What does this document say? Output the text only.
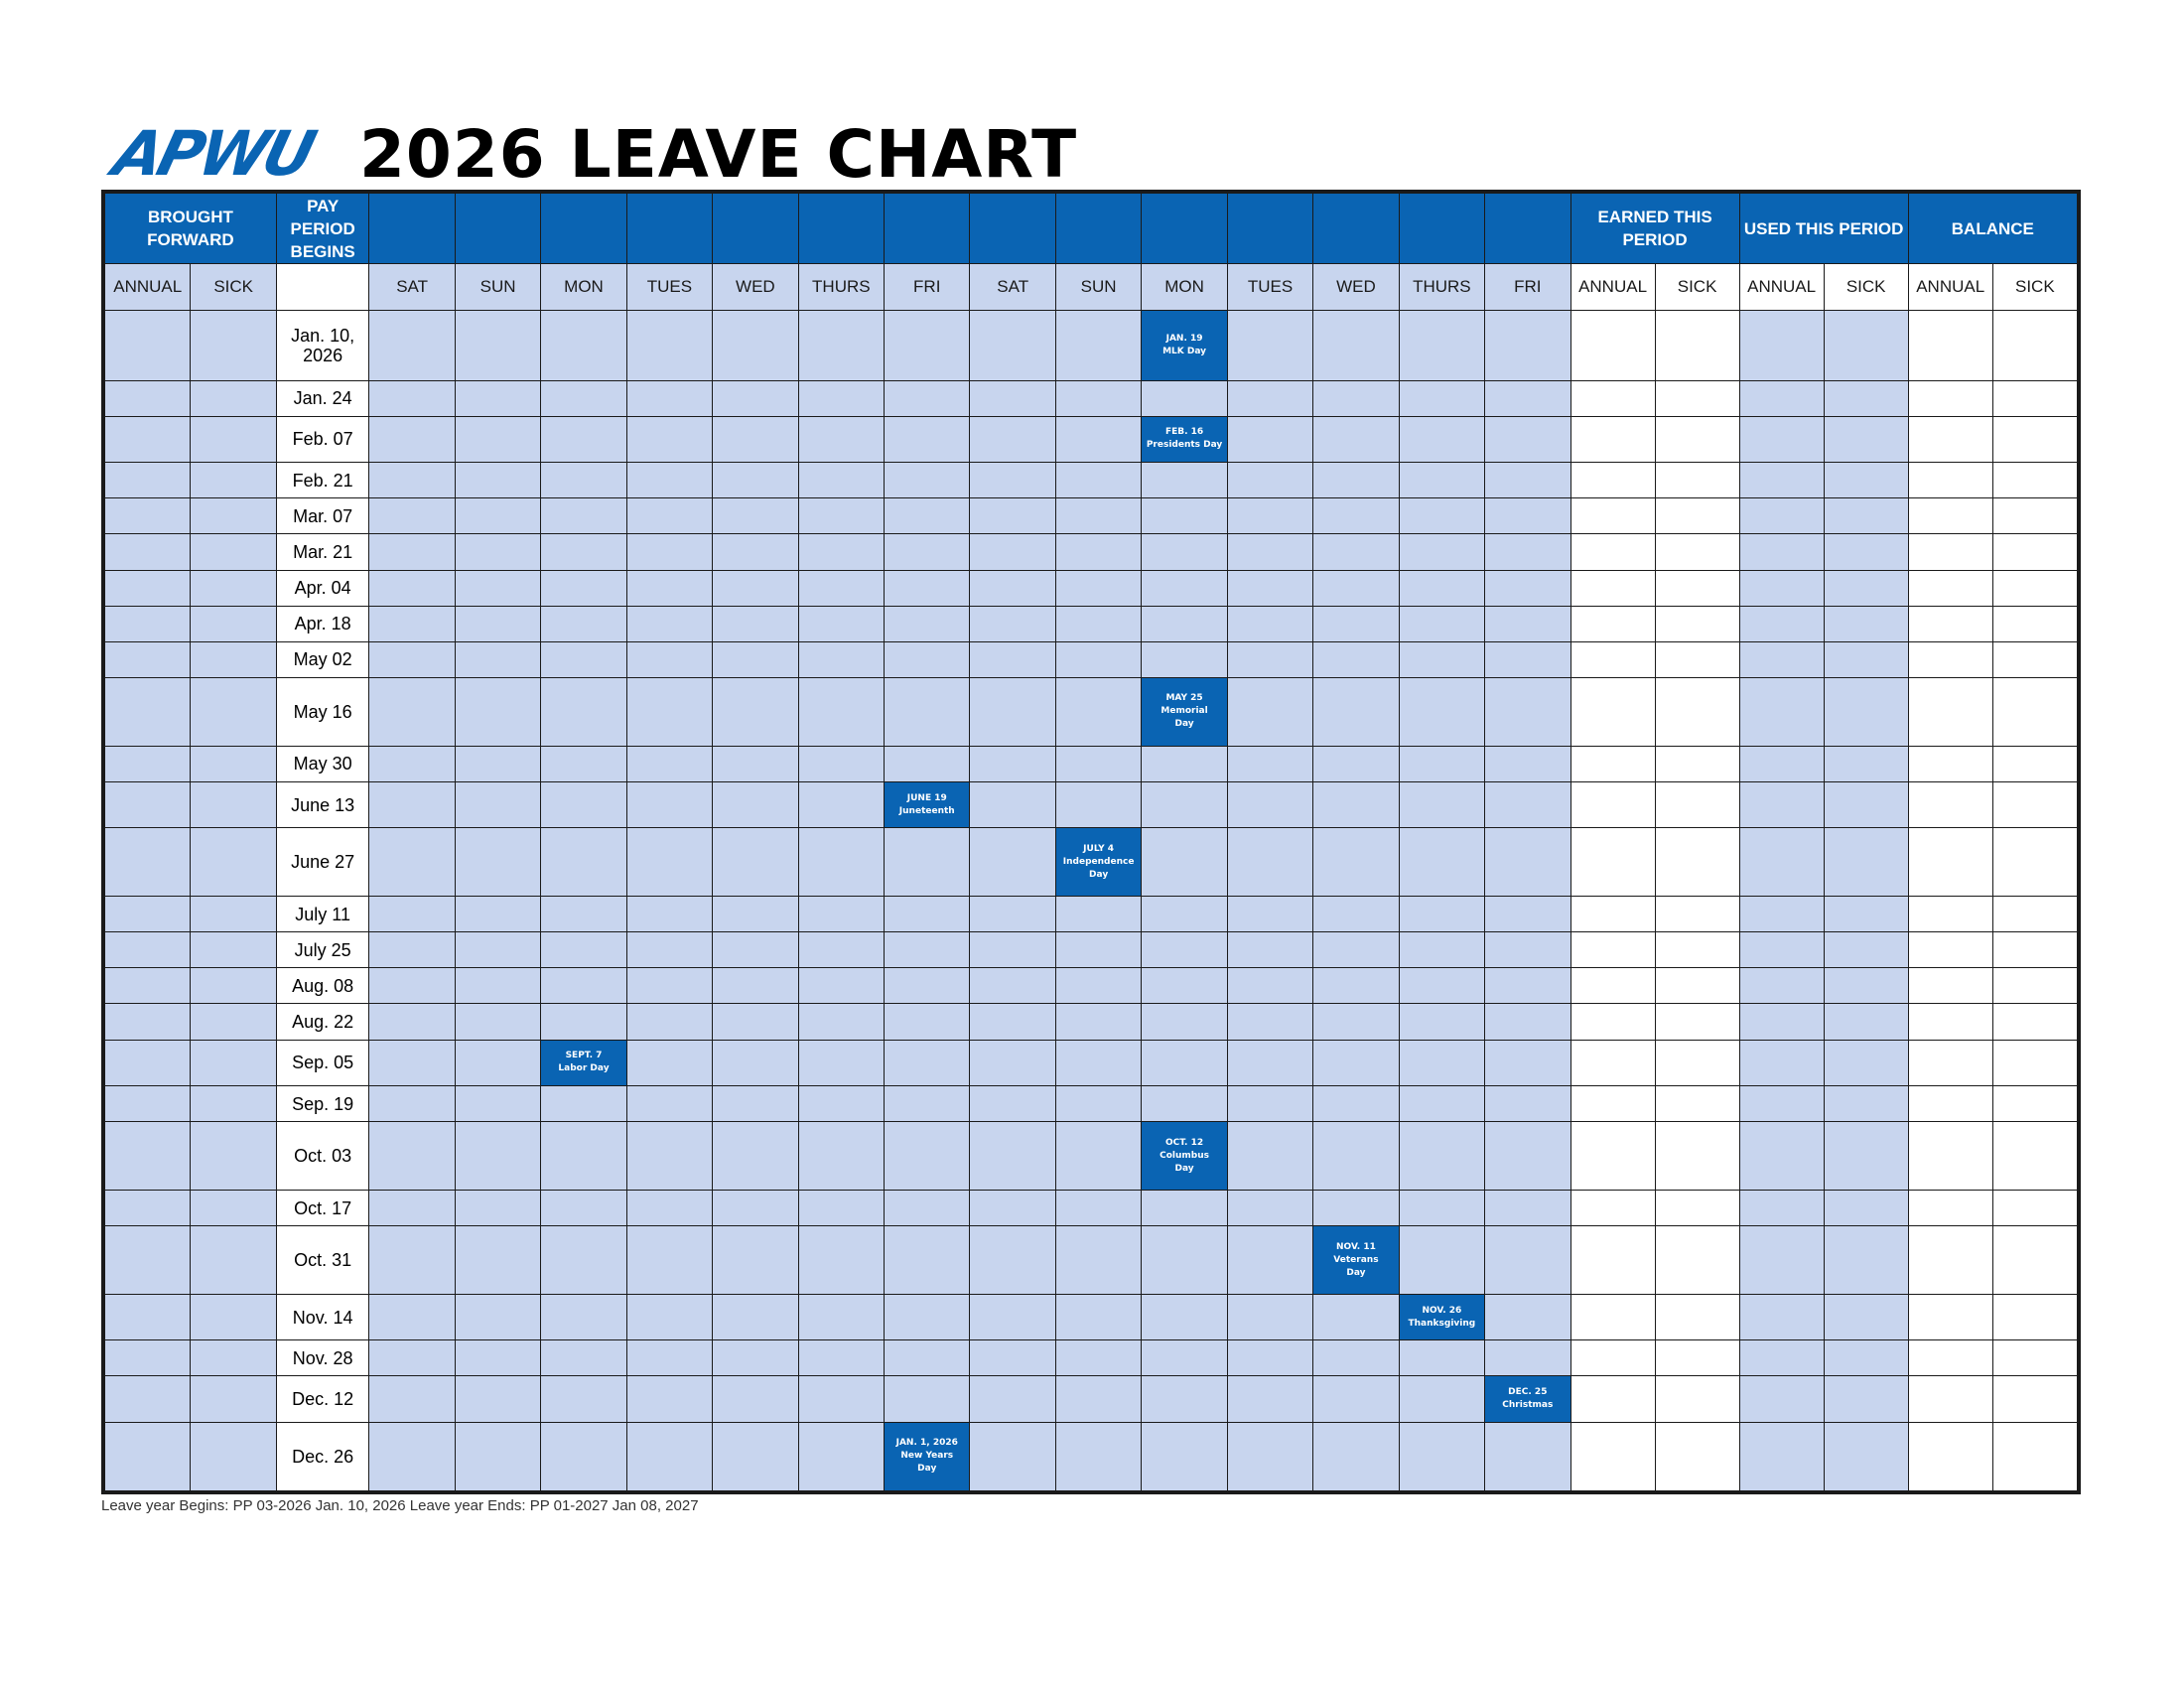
APWU 2026 LEAVE CHART
BROUGHT FORWARD		PAY PERIOD BEGINS															EARNED THIS PERIOD		USED THIS PERIOD		BALANCE	
ANNUAL	SICK		SAT	SUN	MON	TUES	WED	THURS	FRI	SAT	SUN	MON	TUES	WED	THURS	FRI	ANNUAL	SICK	ANNUAL	SICK	ANNUAL	SICK
		Jan. 10, 2026										JAN. 19
MLK Day										

		Jan. 24																				
		Feb. 07										FEB. 16
Presidents Day										

		Feb. 21																				
		Mar. 07																				
		Mar. 21																				
		Apr. 04																				
		Apr. 18																				
		May 02																				
		May 16										MAY 25
Memorial
Day										

		May 30																				
		June 13							JUNE 19
Juneteenth													

		June 27									JULY 4
Independence
Day											

		July 11																				
		July 25																				
		Aug. 08																				
		Aug. 22																				
		Sep. 05			SEPT. 7
Labor Day																	

		Sep. 19																				
		Oct. 03										OCT. 12
Columbus
Day										

		Oct. 17																				
		Oct. 31												NOV. 11
Veterans
Day								

		Nov. 14													NOV. 26
Thanksgiving							

		Nov. 28																				
		Dec. 12														DEC. 25
Christmas						

		Dec. 26							JAN. 1, 2026
New Years
Day													

Leave year Begins: PP 03-2026 Jan. 10, 2026 Leave year Ends: PP 01-2027 Jan 08, 2027
